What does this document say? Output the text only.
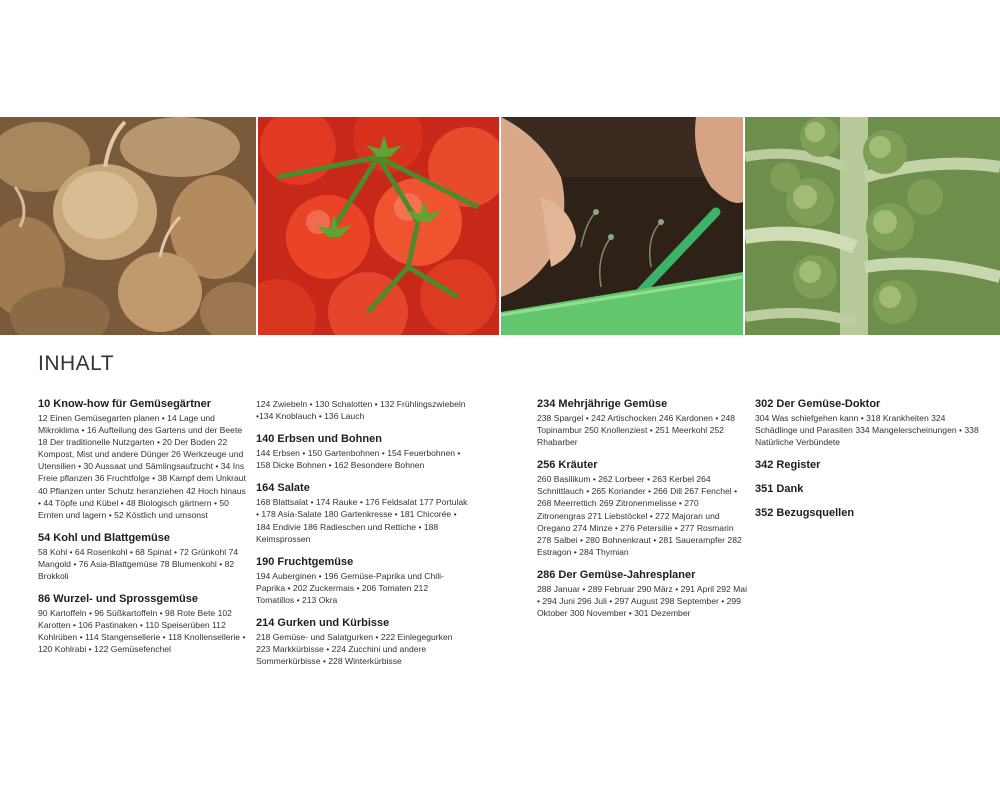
INHALT
10 Know-how für Gemüsegärtner
12 Einen Gemüsegarten planen • 14 Lage und Mikroklima • 16 Aufteilung des Gartens und der Beete 18 Der traditionelle Nutzgarten • 20 Der Boden 22 Kompost, Mist und andere Dünger 26 Werkzeuge und Utensilien • 30 Aussaat und Sämlingsaufzucht • 34 Ins Freie pflanzen 36 Fruchtfolge • 38 Kampf dem Unkraut 40 Pflanzen unter Schutz heranziehen 42 Hoch hinaus • 44 Töpfe und Kübel • 48 Biologisch gärtnern • 50 Ernten und lagern • 52 Köstlich und umsonst
54 Kohl und Blattgemüse
58 Kohl • 64 Rosenkohl • 68 Spinat • 72 Grünkohl 74 Mangold • 76 Asia-Blattgemüse 78 Blumenkohl • 82 Brokkoli
86 Wurzel- und Sprossgemüse
90 Kartoffeln • 96 Süßkartoffeln • 98 Rote Bete 102 Karotten • 106 Pastinaken • 110 Speiserüben 112 Kohlrüben • 114 Stangensellerie • 118 Knollensellerie • 120 Kohlrabi • 122 Gemüsefenchel
124 Zwiebeln • 130 Schalotten • 132 Frühlingszwiebeln •134 Knoblauch • 136 Lauch
140 Erbsen und Bohnen
144 Erbsen • 150 Gartenbohnen • 154 Feuerbohnen • 158 Dicke Bohnen • 162 Besondere Bohnen
164 Salate
168 Blattsalat • 174 Rauke • 176 Feldsalat 177 Portulak • 178 Asia-Salate 180 Gartenkresse • 181 Chicorée • 184 Endivie 186 Radieschen und Rettiche • 188 Keimsprossen
190 Fruchtgemüse
194 Auberginen • 196 Gemüse-Paprika und Chili-Paprika • 202 Zuckermais • 206 Tomaten 212 Tomatillos • 213 Okra
214 Gurken und Kürbisse
218 Gemüse- und Salatgurken • 222 Einlegegurken 223 Markkürbisse • 224 Zucchini und andere Sommerkürbisse • 228 Winterkürbisse
234 Mehrjährige Gemüse
238 Spargel • 242 Artischocken 246 Kardonen • 248 Topinambur 250 Knollenziest • 251 Meerkohl 252 Rhabarber
256 Kräuter
260 Basilikum • 262 Lorbeer • 263 Kerbel 264 Schnittlauch • 265 Koriander • 266 Dill 267 Fenchel • 268 Meerrettich 269 Zitronenmelisse • 270 Zitronengras 271 Liebstöckel • 272 Majoran und Oregano 274 Minze • 276 Petersilie • 277 Rosmarin 278 Salbei • 280 Bohnenkraut • 281 Sauerampfer 282 Estragon • 284 Thymian
286 Der Gemüse-Jahresplaner
288 Januar • 289 Februar 290 März • 291 April 292 Mai • 294 Juni 296 Juli • 297 August 298 September • 299 Oktober 300 November • 301 Dezember
302 Der Gemüse-Doktor
304 Was schiefgehen kann • 318 Krankheiten 324 Schädlinge und Parasiten 334 Mangelerscheinungen • 338 Natürliche Verbündete
342 Register
351 Dank
352 Bezugsquellen
